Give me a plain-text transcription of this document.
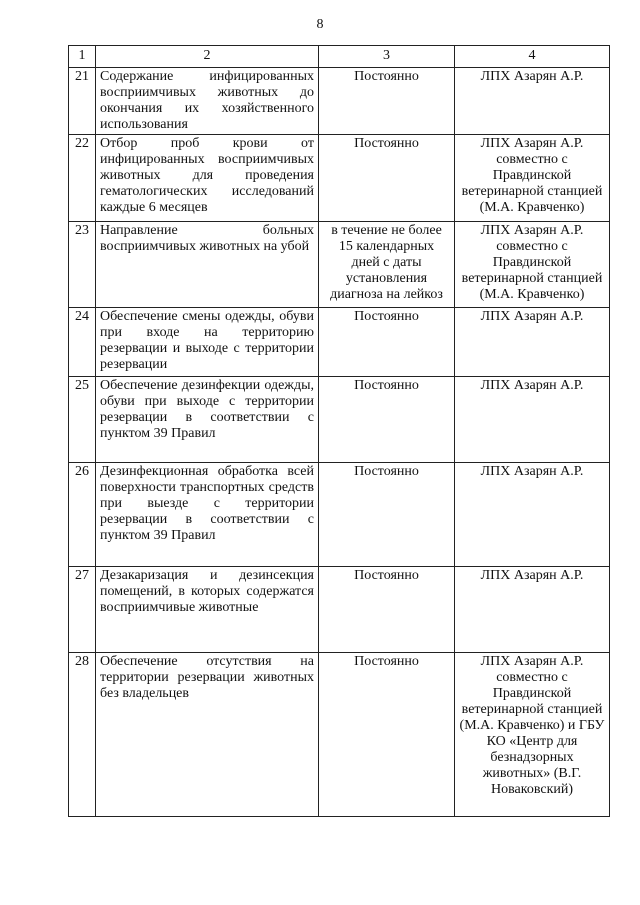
8
1	2	3	4
21	Содержание инфицированных восприимчивых животных до окончания их хозяйственного использования	Постоянно	ЛПХ Азарян А.Р.
22	Отбор проб крови от инфицированных восприимчивых животных для проведения гематологических исследований каждые 6 месяцев	Постоянно	ЛПХ Азарян А.Р. совместно с Правдинской ветеринарной станцией (М.А. Кравченко)
23	Направление больных восприимчивых животных на убой	в течение не более 15 календарных дней с даты установления диагноза на лейкоз	ЛПХ Азарян А.Р. совместно с Правдинской ветеринарной станцией (М.А. Кравченко)
24	Обеспечение смены одежды, обуви при входе на территорию резервации и выходе с территории резервации	Постоянно	ЛПХ Азарян А.Р.
25	Обеспечение дезинфекции одежды, обуви при выходе с территории резервации в соответствии с пунктом 39 Правил	Постоянно	ЛПХ Азарян А.Р.
26	Дезинфекционная обработка всей поверхности транспортных средств при выезде с территории резервации в соответствии с пунктом 39 Правил	Постоянно	ЛПХ Азарян А.Р.
27	Дезакаризация и дезинсекция помещений, в которых содержатся восприимчивые животные	Постоянно	ЛПХ Азарян А.Р.
28	Обеспечение отсутствия на территории резервации животных без владельцев	Постоянно	ЛПХ Азарян А.Р. совместно с Правдинской ветеринарной станцией (М.А. Кравченко) и ГБУ КО «Центр для безнадзорных животных» (В.Г. Новаковский)
